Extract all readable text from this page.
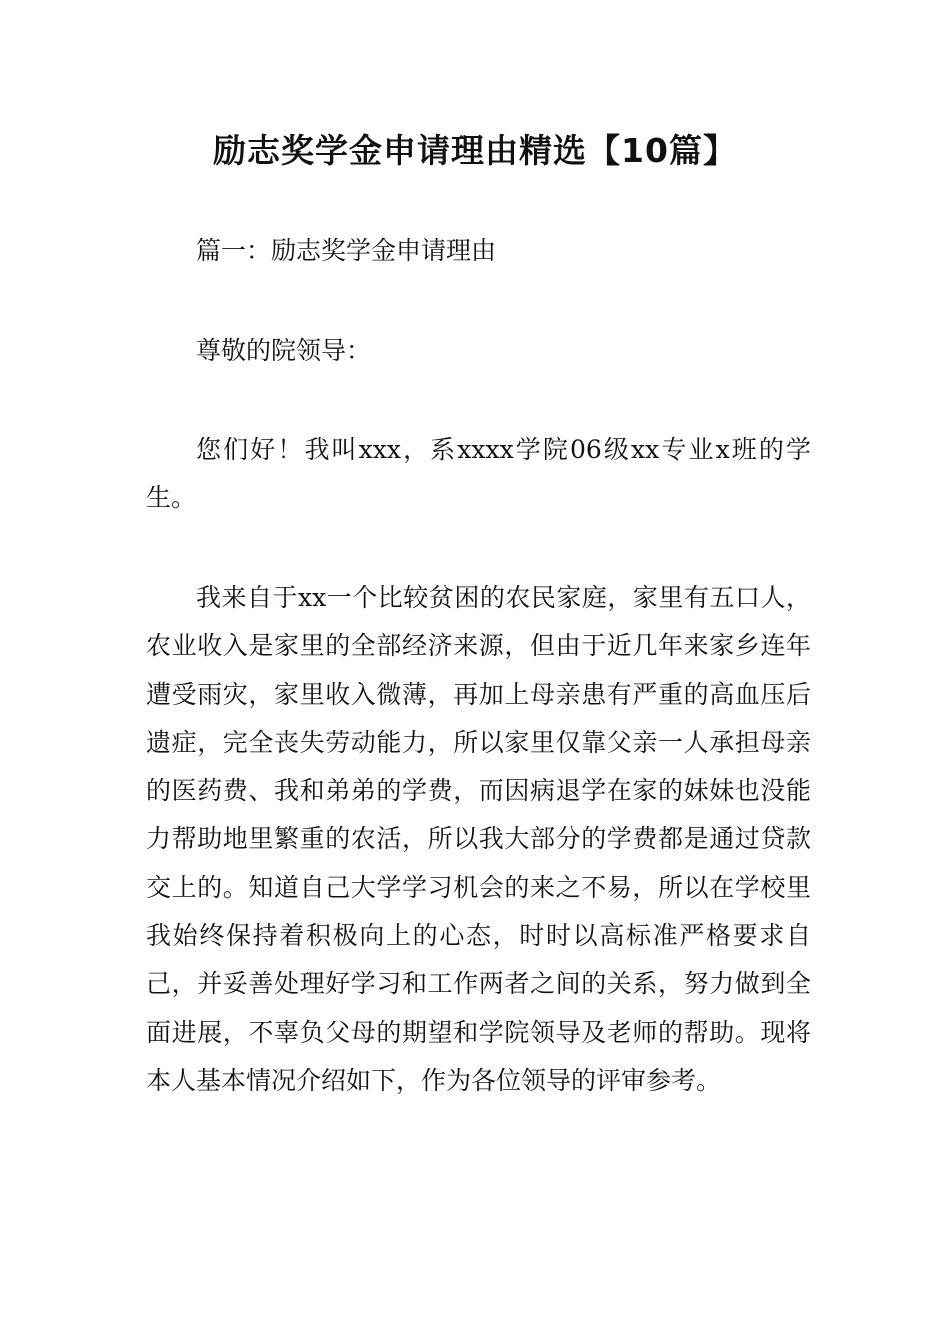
励志奖学金申请理由精选【10篇】

篇一：励志奖学金申请理由

尊敬的院领导：

您们好！我叫xxx，系xxxx学院06级xx专业x班的学生。

我来自于xx一个比较贫困的农民家庭，家里有五口人，农业收入是家里的全部经济来源，但由于近几年来家乡连年遭受雨灾，家里收入微薄，再加上母亲患有严重的高血压后遗症，完全丧失劳动能力，所以家里仅靠父亲一人承担母亲的医药费、我和弟弟的学费，而因病退学在家的妹妹也没能力帮助地里繁重的农活，所以我大部分的学费都是通过贷款交上的。知道自己大学学习机会的来之不易，所以在学校里我始终保持着积极向上的心态，时时以高标准严格要求自己，并妥善处理好学习和工作两者之间的关系，努力做到全面进展，不辜负父母的期望和学院领导及老师的帮助。现将本人基本情况介绍如下，作为各位领导的评审参考。
